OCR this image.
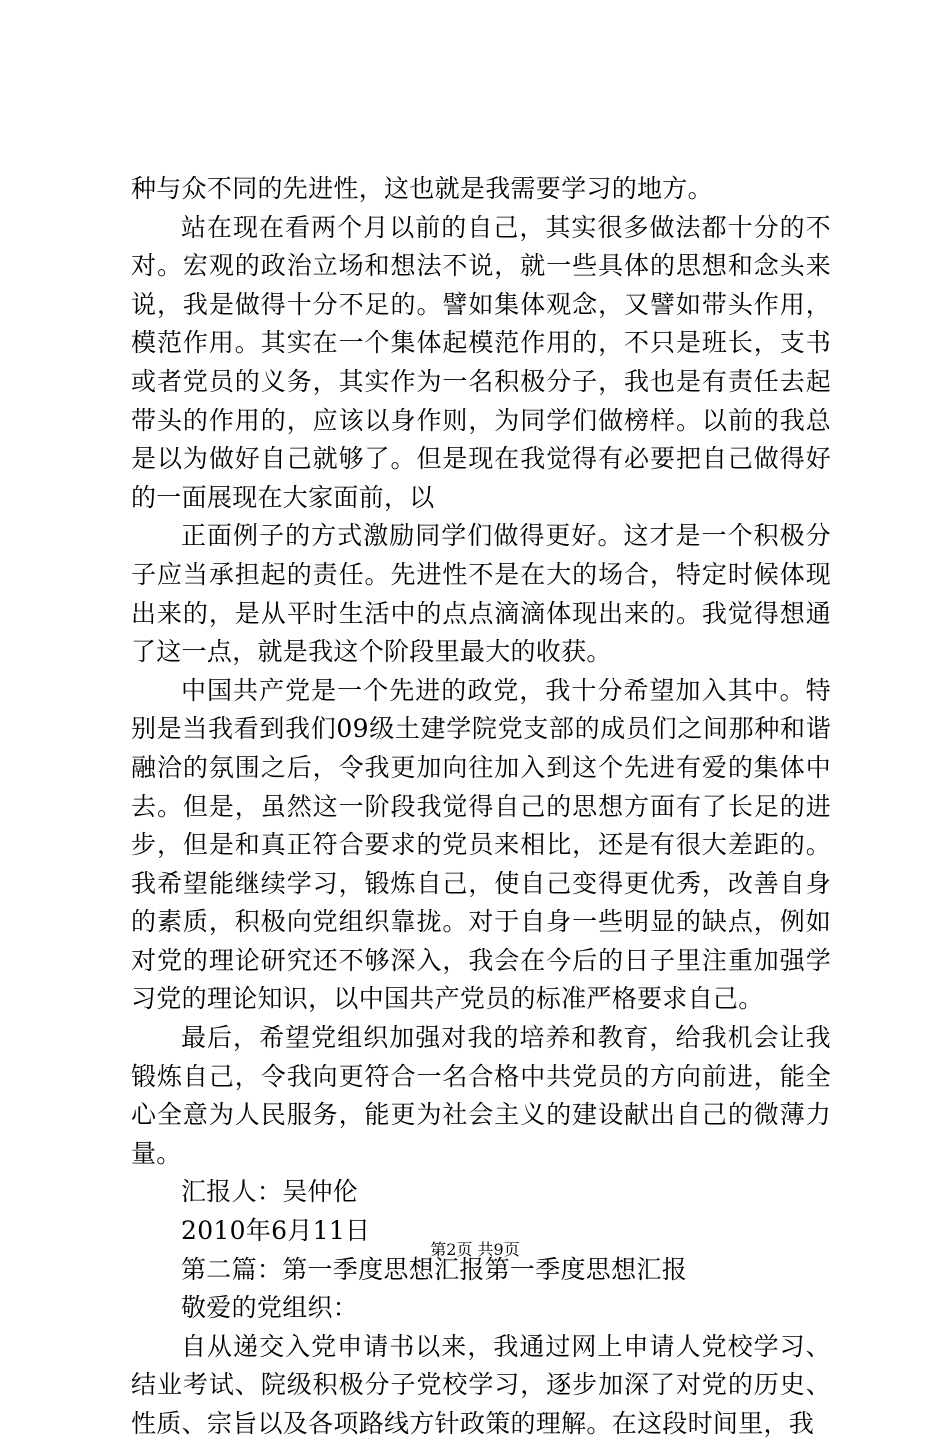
种与众不同的先进性，这也就是我需要学习的地方。

站在现在看两个月以前的自己，其实很多做法都十分的不对。宏观的政治立场和想法不说，就一些具体的思想和念头来说，我是做得十分不足的。譬如集体观念，又譬如带头作用，模范作用。其实在一个集体起模范作用的，不只是班长，支书或者党员的义务，其实作为一名积极分子，我也是有责任去起带头的作用的，应该以身作则，为同学们做榜样。以前的我总是以为做好自己就够了。但是现在我觉得有必要把自己做得好的一面展现在大家面前，以

正面例子的方式激励同学们做得更好。这才是一个积极分子应当承担起的责任。先进性不是在大的场合，特定时候体现出来的，是从平时生活中的点点滴滴体现出来的。我觉得想通了这一点，就是我这个阶段里最大的收获。

中国共产党是一个先进的政党，我十分希望加入其中。特别是当我看到我们09级土建学院党支部的成员们之间那种和谐融洽的氛围之后，令我更加向往加入到这个先进有爱的集体中去。但是，虽然这一阶段我觉得自己的思想方面有了长足的进步，但是和真正符合要求的党员来相比，还是有很大差距的。我希望能继续学习，锻炼自己，使自己变得更优秀，改善自身的素质，积极向党组织靠拢。对于自身一些明显的缺点，例如对党的理论研究还不够深入，我会在今后的日子里注重加强学习党的理论知识，以中国共产党员的标准严格要求自己。

最后，希望党组织加强对我的培养和教育，给我机会让我锻炼自己，令我向更符合一名合格中共党员的方向前进，能全心全意为人民服务，能更为社会主义的建设献出自己的微薄力量。

汇报人：吴仲伦

2010年6月11日

第二篇：第一季度思想汇报第一季度思想汇报

敬爱的党组织：

自从递交入党申请书以来，我通过网上申请人党校学习、结业考试、院级积极分子党校学习，逐步加深了对党的历史、性质、宗旨以及各项路线方针政策的理解。在这段时间里，我

第2页 共9页
